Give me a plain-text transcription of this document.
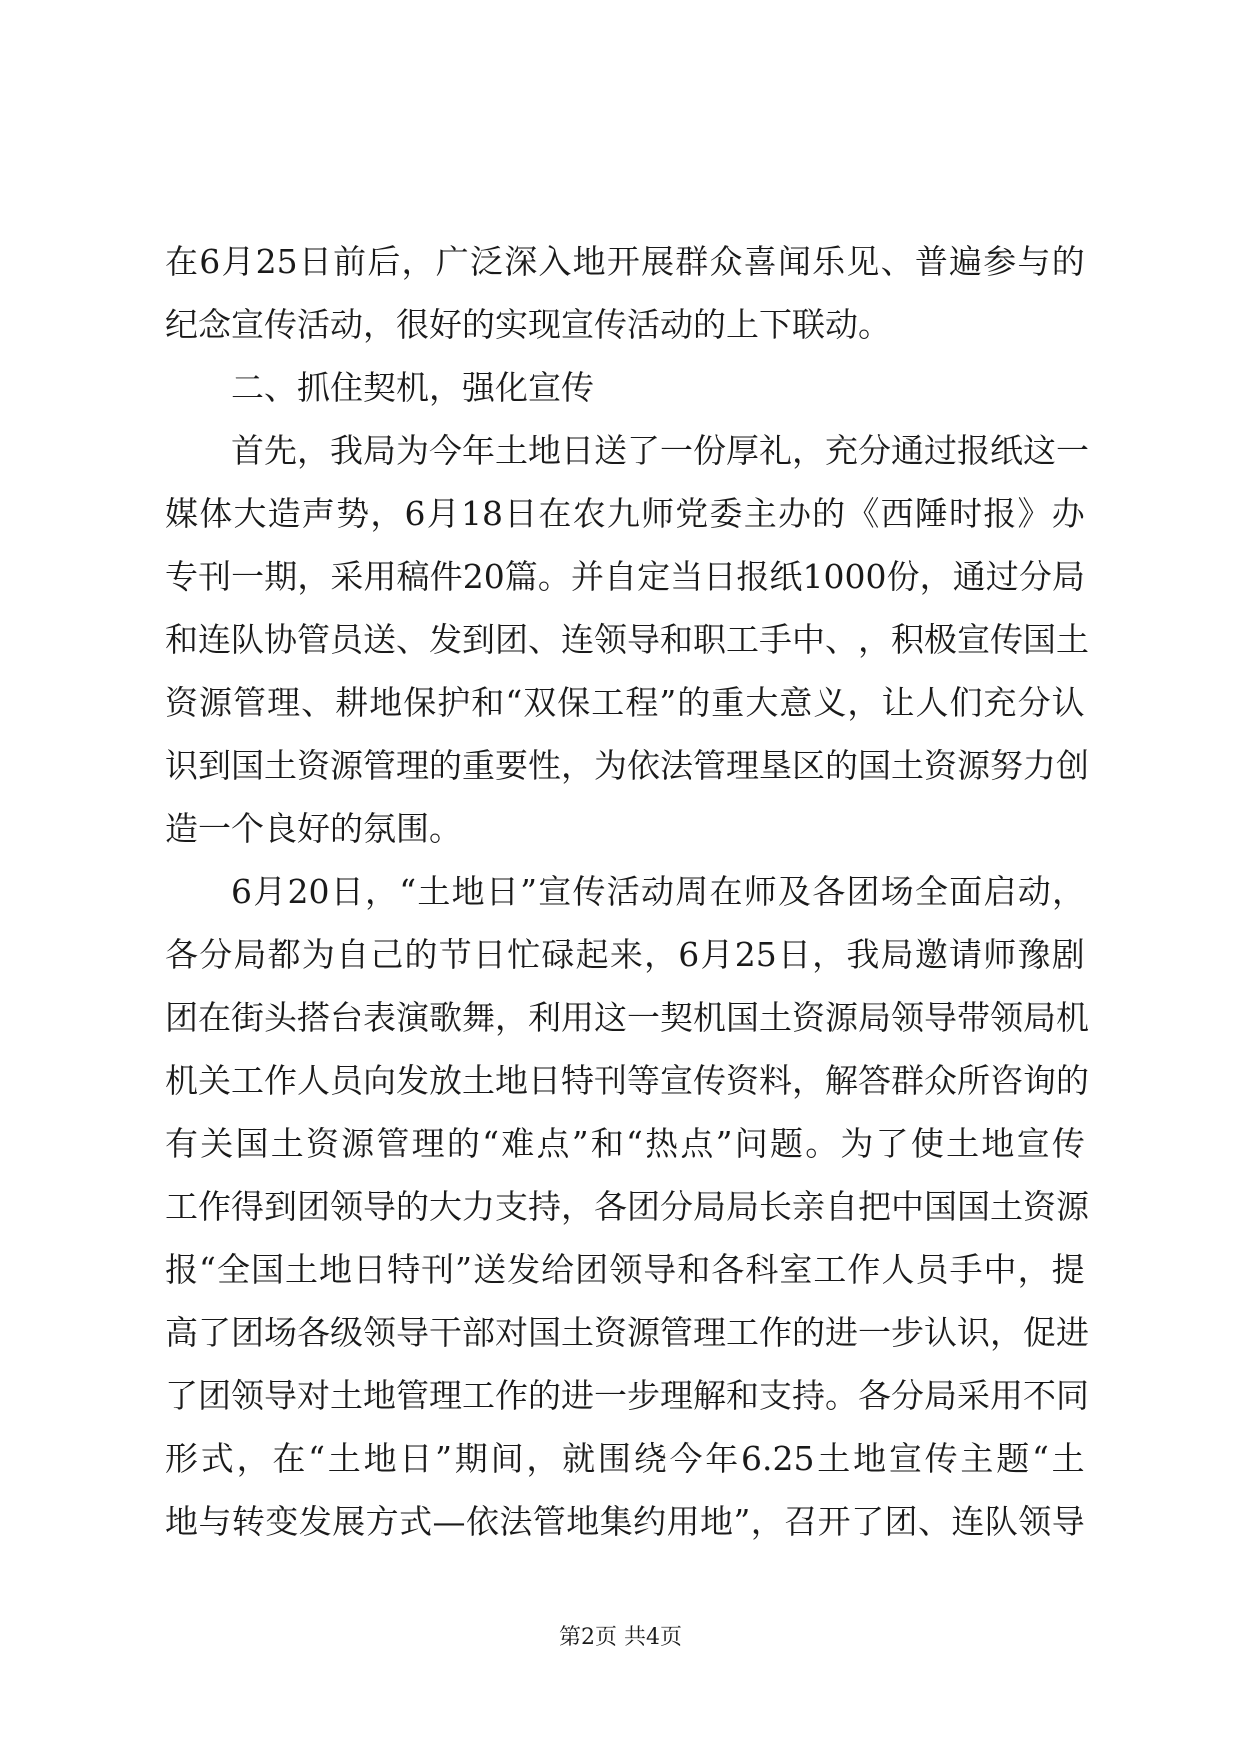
在 6 月 25 日 前 后 ， 广 泛 深 入 地 开 展 群 众 喜 闻 乐 见 、 普 遍 参 与 的
纪 念 宣 传 活 动 ， 很 好 的 实 现 宣 传 活 动 的 上 下 联 动 。
二 、 抓 住 契 机 ， 强 化 宣 传
首 先 ， 我 局 为 今 年 土 地 日 送 了 一 份 厚 礼 ， 充 分 通 过 报 纸 这 一
媒 体 大 造 声 势 ， 6 月 18 日 在 农 九 师 党 委 主 办 的 《 西 陲 时 报 》 办
专 刊 一 期 ， 采 用 稿 件 20 篇 。 并 自 定 当 日 报 纸 1000 份 ， 通 过 分 局
和 连 队 协 管 员 送 、 发 到 团 、 连 领 导 和 职 工 手 中 、 ， 积 极 宣 传 国 土
资 源 管 理 、 耕 地 保 护 和 “ 双 保 工 程 ” 的 重 大 意 义 ， 让 人 们 充 分 认
识 到 国 土 资 源 管 理 的 重 要 性 ， 为 依 法 管 理 垦 区 的 国 土 资 源 努 力 创
造 一 个 良 好 的 氛 围 。
6 月 20 日 ， “ 土 地 日 ” 宣 传 活 动 周 在 师 及 各 团 场 全 面 启 动 ，
各 分 局 都 为 自 己 的 节 日 忙 碌 起 来 ， 6 月 25 日 ， 我 局 邀 请 师 豫 剧
团 在 街 头 搭 台 表 演 歌 舞 ， 利 用 这 一 契 机 国 土 资 源 局 领 导 带 领 局 机
机 关 工 作 人 员 向 发 放 土 地 日 特 刊 等 宣 传 资 料 ， 解 答 群 众 所 咨 询 的
有 关 国 土 资 源 管 理 的 “ 难 点 ” 和 “ 热 点 ” 问 题 。 为 了 使 土 地 宣 传
工 作 得 到 团 领 导 的 大 力 支 持 ， 各 团 分 局 局 长 亲 自 把 中 国 国 土 资 源
报 “ 全 国 土 地 日 特 刊 ” 送 发 给 团 领 导 和 各 科 室 工 作 人 员 手 中 ， 提
高 了 团 场 各 级 领 导 干 部 对 国 土 资 源 管 理 工 作 的 进 一 步 认 识 ， 促 进
了 团 领 导 对 土 地 管 理 工 作 的 进 一 步 理 解 和 支 持 。 各 分 局 采 用 不 同
形 式 ， 在 “ 土 地 日 ” 期 间 ， 就 围 绕 今 年 6.25 土 地 宣 传 主 题 “ 土
地 与 转 变 发 展 方 式 — 依 法 管 地 集 约 用 地 ” ， 召 开 了 团 、 连 队 领 导
第2页 共4页
